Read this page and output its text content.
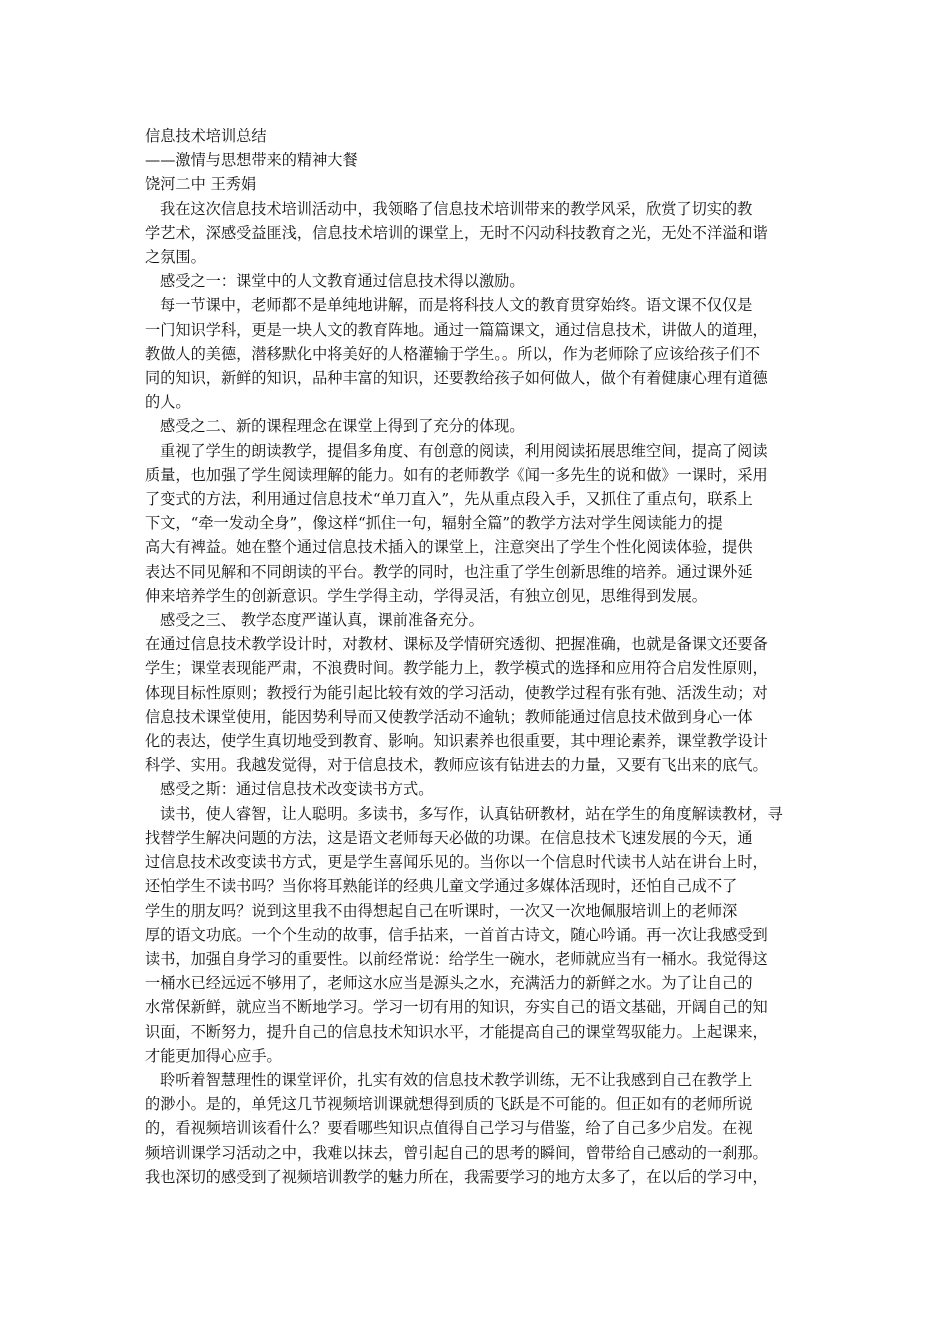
信息技术培训总结
——激情与思想带来的精神大餐
饶河二中 王秀娟
我在这次信息技术培训活动中，我领略了信息技术培训带来的教学风采，欣赏了切实的教
学艺术，深感受益匪浅，信息技术培训的课堂上，无时不闪动科技教育之光，无处不洋溢和谐
之氛围。
感受之一：课堂中的人文教育通过信息技术得以激励。
每一节课中，老师都不是单纯地讲解，而是将科技人文的教育贯穿始终。语文课不仅仅是
一门知识学科，更是一块人文的教育阵地。通过一篇篇课文，通过信息技术，讲做人的道理，
教做人的美德，潜移默化中将美好的人格灌输于学生。。所以，作为老师除了应该给孩子们不
同的知识，新鲜的知识，品种丰富的知识，还要教给孩子如何做人，做个有着健康心理有道德
的人。
感受之二、新的课程理念在课堂上得到了充分的体现。
重视了学生的朗读教学，提倡多角度、有创意的阅读，利用阅读拓展思维空间，提高了阅读
质量，也加强了学生阅读理解的能力。如有的老师教学《闻一多先生的说和做》一课时，采用
了变式的方法，利用通过信息技术“单刀直入”，先从重点段入手，又抓住了重点句，联系上
下文，“牵一发动全身”，像这样“抓住一句，辐射全篇”的教学方法对学生阅读能力的提
高大有裨益。她在整个通过信息技术插入的课堂上，注意突出了学生个性化阅读体验，提供
表达不同见解和不同朗读的平台。教学的同时，也注重了学生创新思维的培养。通过课外延
伸来培养学生的创新意识。学生学得主动，学得灵活，有独立创见，思维得到发展。
感受之三、 教学态度严谨认真，课前准备充分。
在通过信息技术教学设计时，对教材、课标及学情研究透彻、把握准确，也就是备课文还要备
学生；课堂表现能严肃，不浪费时间。教学能力上，教学模式的选择和应用符合启发性原则，
体现目标性原则；教授行为能引起比较有效的学习活动，使教学过程有张有弛、活泼生动；对
信息技术课堂使用，能因势利导而又使教学活动不逾轨；教师能通过信息技术做到身心一体
化的表达，使学生真切地受到教育、影响。知识素养也很重要，其中理论素养，课堂教学设计
科学、实用。我越发觉得，对于信息技术，教师应该有钻进去的力量，又要有飞出来的底气。
感受之斯：通过信息技术改变读书方式。
读书，使人睿智，让人聪明。多读书，多写作，认真钻研教材，站在学生的角度解读教材，寻
找替学生解决问题的方法，这是语文老师每天必做的功课。在信息技术飞速发展的今天，通
过信息技术改变读书方式，更是学生喜闻乐见的。当你以一个信息时代读书人站在讲台上时，
还怕学生不读书吗？当你将耳熟能详的经典儿童文学通过多媒体活现时，还怕自己成不了
学生的朋友吗？说到这里我不由得想起自己在听课时，一次又一次地佩服培训上的老师深
厚的语文功底。一个个生动的故事，信手拈来，一首首古诗文，随心吟诵。再一次让我感受到
读书，加强自身学习的重要性。以前经常说：给学生一碗水，老师就应当有一桶水。我觉得这
一桶水已经远远不够用了，老师这水应当是源头之水，充满活力的新鲜之水。为了让自己的
水常保新鲜，就应当不断地学习。学习一切有用的知识，夯实自己的语文基础，开阔自己的知
识面，不断努力，提升自己的信息技术知识水平，才能提高自己的课堂驾驭能力。上起课来，
才能更加得心应手。
聆听着智慧理性的课堂评价，扎实有效的信息技术教学训练，无不让我感到自己在教学上
的渺小。是的，单凭这几节视频培训课就想得到质的飞跃是不可能的。但正如有的老师所说
的，看视频培训该看什么？要看哪些知识点值得自己学习与借鉴，给了自己多少启发。在视
频培训课学习活动之中，我难以抹去，曾引起自己的思考的瞬间，曾带给自己感动的一刹那。
我也深切的感受到了视频培训教学的魅力所在，我需要学习的地方太多了，在以后的学习中，
